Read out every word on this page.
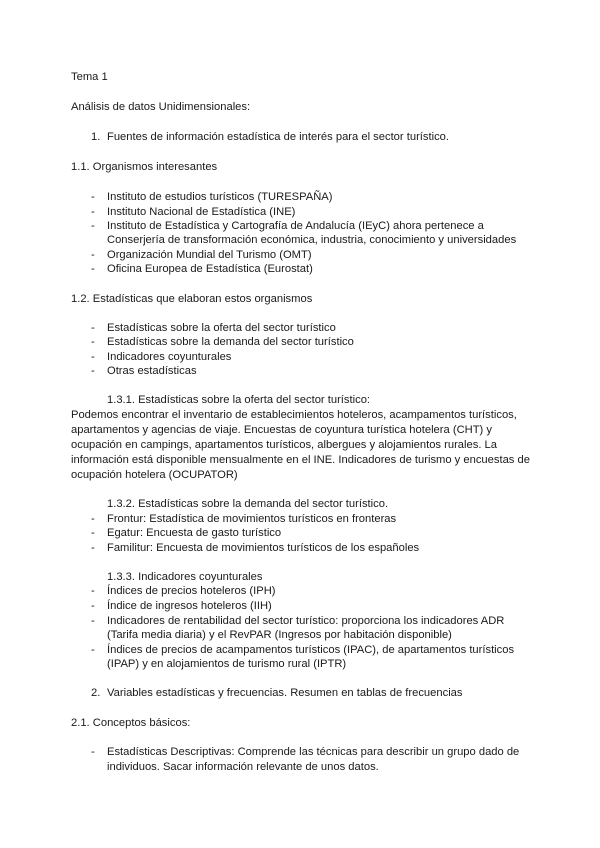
Tema 1
Análisis de datos Unidimensionales:
1. Fuentes de información estadística de interés para el sector turístico.
1.1. Organismos interesantes
- Instituto de estudios turísticos (TURESPAÑA)
- Instituto Nacional de Estadística (INE)
- Instituto de Estadística y Cartografía de Andalucía (IEyC) ahora pertenece a
Conserjería de transformación económica, industria, conocimiento y universidades
- Organización Mundial del Turismo (OMT)
- Oficina Europea de Estadística (Eurostat)
1.2. Estadísticas que elaboran estos organismos
- Estadísticas sobre la oferta del sector turístico
- Estadísticas sobre la demanda del sector turístico
- Indicadores coyunturales
- Otras estadísticas
1.3.1. Estadísticas sobre la oferta del sector turístico:
Podemos encontrar el inventario de establecimientos hoteleros, acampamentos turísticos,
apartamentos y agencias de viaje. Encuestas de coyuntura turística hotelera (CHT) y
ocupación en campings, apartamentos turísticos, albergues y alojamientos rurales. La
información está disponible mensualmente en el INE. Indicadores de turismo y encuestas de
ocupación hotelera (OCUPATOR)
1.3.2. Estadísticas sobre la demanda del sector turístico.
- Frontur: Estadística de movimientos turísticos en fronteras
- Egatur: Encuesta de gasto turístico
- Familitur: Encuesta de movimientos turísticos de los españoles
1.3.3. Indicadores coyunturales
- Índices de precios hoteleros (IPH)
- Índice de ingresos hoteleros (IIH)
- Indicadores de rentabilidad del sector turístico: proporciona los indicadores ADR
(Tarifa media diaria) y el RevPAR (Ingresos por habitación disponible)
- Índices de precios de acampamentos turísticos (IPAC), de apartamentos turísticos
(IPAP) y en alojamientos de turismo rural (IPTR)
2. Variables estadísticas y frecuencias. Resumen en tablas de frecuencias
2.1. Conceptos básicos:
- Estadísticas Descriptivas: Comprende las técnicas para describir un grupo dado de
individuos. Sacar información relevante de unos datos.
